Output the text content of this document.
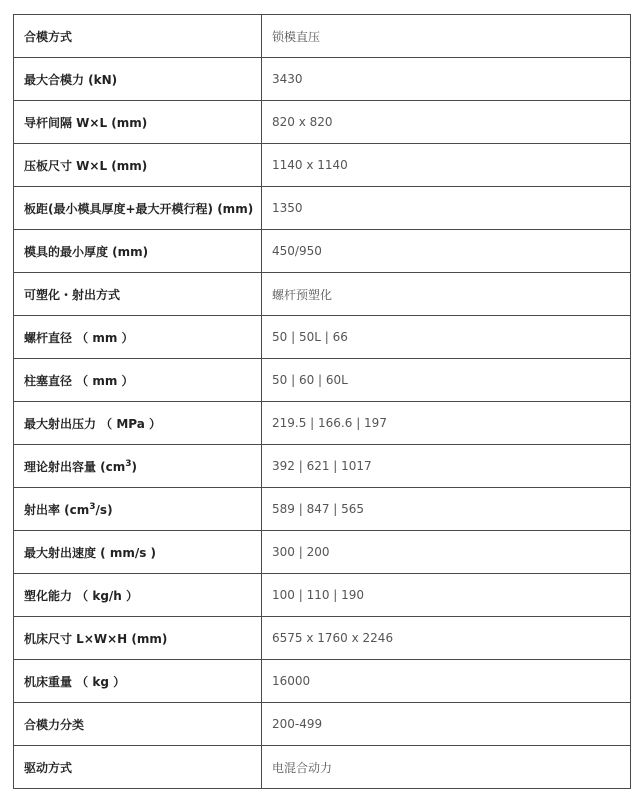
合模方式	锁模直压
最大合模力 (kN)	3430
导杆间隔 W×L (mm)	820 x 820
压板尺寸 W×L (mm)	1140 x 1140
板距(最小模具厚度+最大开模行程) (mm)	1350
模具的最小厚度 (mm)	450/950
可塑化・射出方式	螺杆预塑化
螺杆直径 （ mm ）	50 | 50L | 66
柱塞直径 （ mm ）	50 | 60 | 60L
最大射出压力 （ MPa ）	219.5 | 166.6 | 197
理论射出容量 $(cm^3)$	392 | 621 | 1017
射出率 $(cm^3/s)$	589 | 847 | 565
最大射出速度 ( mm/s )	300 | 200
塑化能力 （ kg/h ）	100 | 110 | 190
机床尺寸 L×W×H (mm)	6575 x 1760 x 2246
机床重量 （ kg ）	16000
合模力分类	200-499
驱动方式	电混合动力
